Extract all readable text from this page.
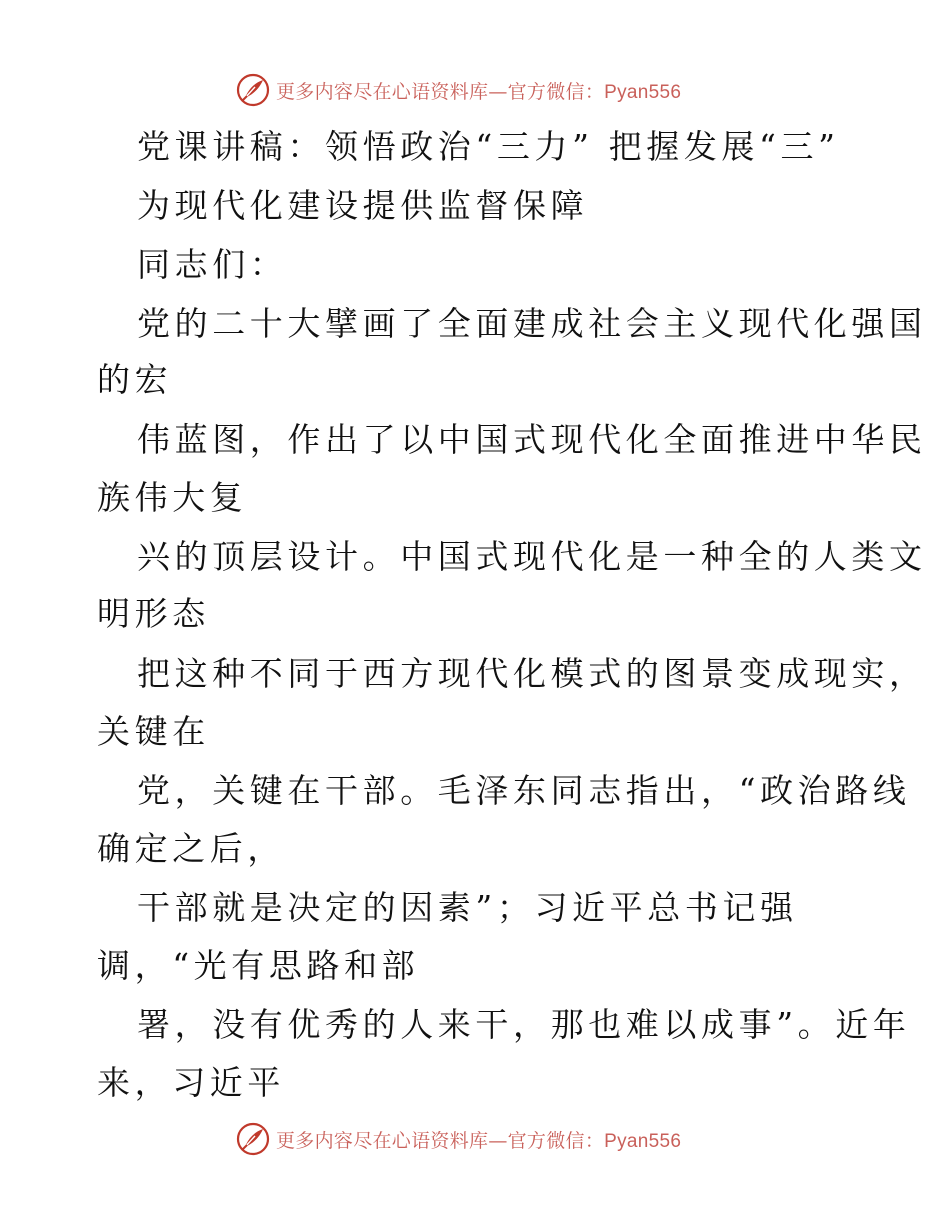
更多内容尽在心语资料库—官方微信：Pyan556
党课讲稿：领悟政治“三力” 把握发展“三”
为现代化建设提供监督保障
同志们：
党的二十大擘画了全面建成社会主义现代化强国
的宏
伟蓝图，作出了以中国式现代化全面推进中华民
族伟大复
兴的顶层设计。中国式现代化是一种全的人类文
明形态
把这种不同于西方现代化模式的图景变成现实，
关键在
党，关键在干部。毛泽东同志指出，“政治路线
确定之后，
干部就是决定的因素”；习近平总书记强
调，“光有思路和部
署，没有优秀的人来干，那也难以成事”。近年
来，习近平
更多内容尽在心语资料库—官方微信：Pyan556
